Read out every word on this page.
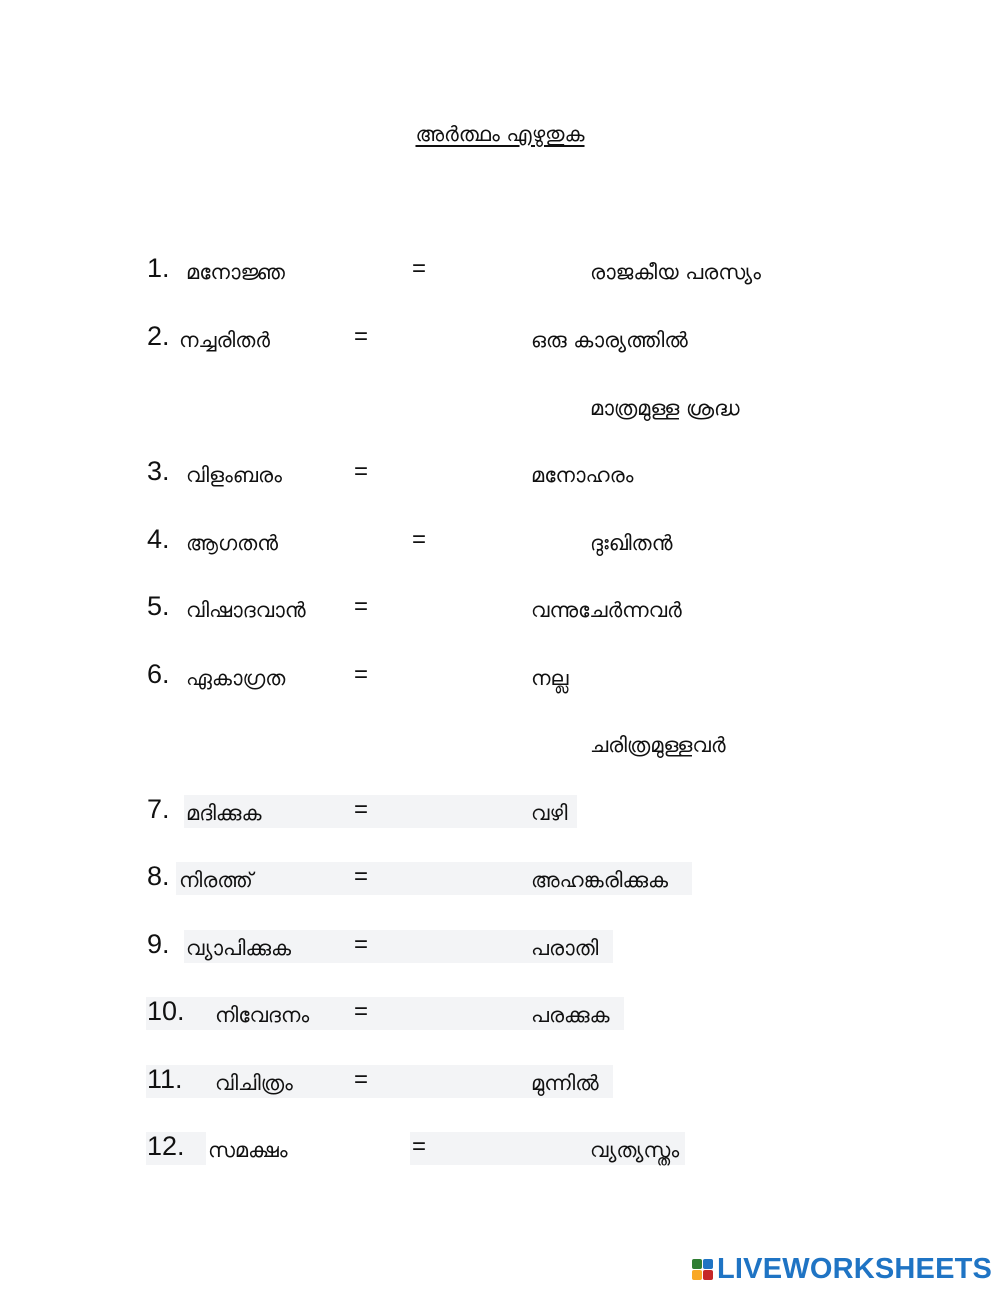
അർത്ഥം എഴുതുക
1. മനോജ്ഞ	=	രാജകീയ പരസ്യം
2. നച്ചരിതർ	=	ഒരു കാര്യത്തിൽ
മാത്രമുള്ള ശ്രദ്ധ
3. വിളംബരം	=	മനോഹരം
4. ആഗതൻ	=	ദുഃഖിതൻ
5. വിഷാദവാൻ =	വന്നുചേർന്നവർ
6. ഏകാഗ്രത	=	നല്ല
ചരിത്രമുള്ളവർ
7. മദിക്കുക	=	വഴി
8. നിരത്ത്	=	അഹങ്കരിക്കുക
9. വ്യാപിക്കുക	=	പരാതി
10. നിവേദനം =	പരക്കുക
11. വിചിത്രം	=	മുന്നിൽ
12. സമക്ഷം	=	വ്യത്യസ്തം
LIVEWORKSHEETS
